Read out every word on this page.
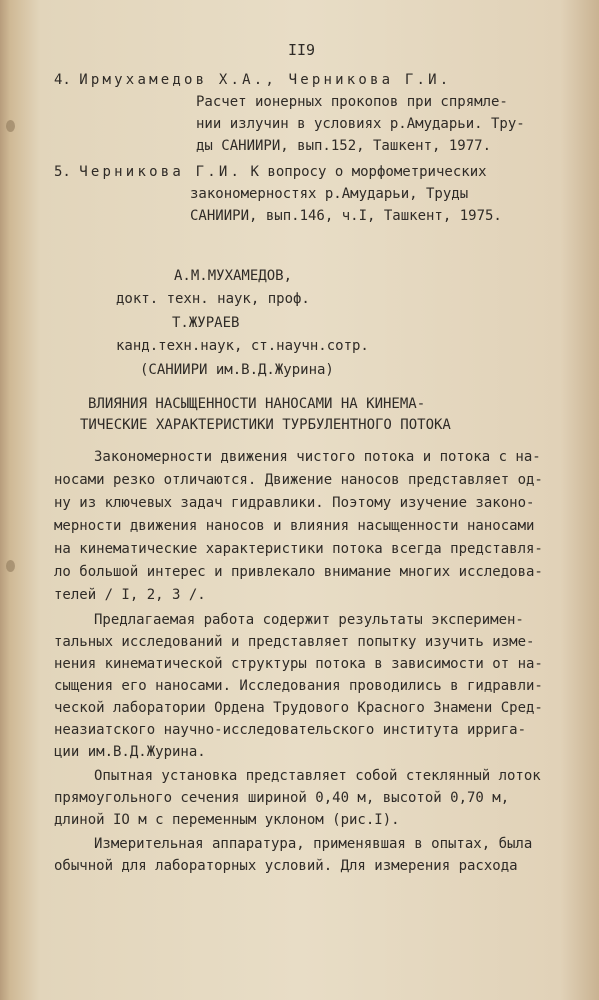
II9
4. Ирмухамедов Х.А., Черникова Г.И.
Расчет ионерных прокопов при спрямле-
нии излучин в условиях р.Амударьи. Тру-
ды САНИИРИ, вып.152, Ташкент, 1977.
5. Черникова Г.И. К вопросу о морфометрических
закономерностях р.Амударьи, Труды
САНИИРИ, вып.146, ч.I, Ташкент, 1975.
А.М.МУХАМЕДОВ,
докт. техн. наук, проф.
Т.ЖУРАЕВ
канд.техн.наук, ст.научн.сотр.
(САНИИРИ им.В.Д.Журина)
ВЛИЯНИЯ НАСЫЩЕННОСТИ НАНОСАМИ НА КИНЕМА-
ТИЧЕСКИЕ ХАРАКТЕРИСТИКИ ТУРБУЛЕНТНОГО ПОТОКА
Закономерности движения чистого потока и потока с на-
носами резко отличаются. Движение наносов представляет од-
ну из ключевых задач гидравлики. Поэтому изучение законо-
мерности движения наносов и влияния насыщенности наносами
на кинематические характеристики потока всегда представля-
ло большой интерес и привлекало внимание многих исследова-
телей / I, 2, 3 /.
Предлагаемая работа содержит результаты эксперимен-
тальных исследований и представляет попытку изучить изме-
нения кинематической структуры потока в зависимости от на-
сыщения его наносами. Исследования проводились в гидравли-
ческой лаборатории Ордена Трудового Красного Знамени Сред-
неазиатского научно-исследовательского института ирригa-
ции им.В.Д.Журина.
Опытная установка представляет собой стеклянный лоток
прямоугольного сечения шириной 0,40 м, высотой 0,70 м,
длиной IO м с переменным уклоном (рис.I).
Измерительная аппаратура, применявшая в опытах, была
обычной для лабораторных условий. Для измерения расхода
